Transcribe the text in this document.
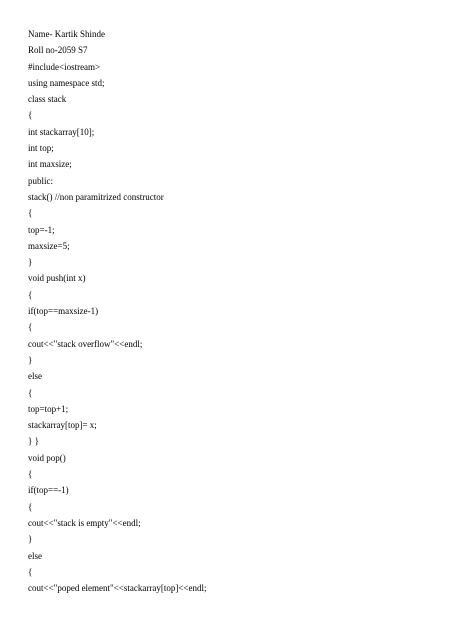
Name- Kartik Shinde
Roll no-2059 S7
#include<iostream>
using namespace std;
class stack
{
int stackarray[10];
int top;
int maxsize;
public:
stack() //non paramitrized constructor
{
top=-1;
maxsize=5;
}
void push(int x)
{
if(top==maxsize-1)
{
cout<<"stack overflow"<<endl;
}
else
{
top=top+1;
stackarray[top]= x;
} }
void pop()
{
if(top==-1)
{
cout<<"stack is empty"<<endl;
}
else
{
cout<<"poped element"<<stackarray[top]<<endl;
